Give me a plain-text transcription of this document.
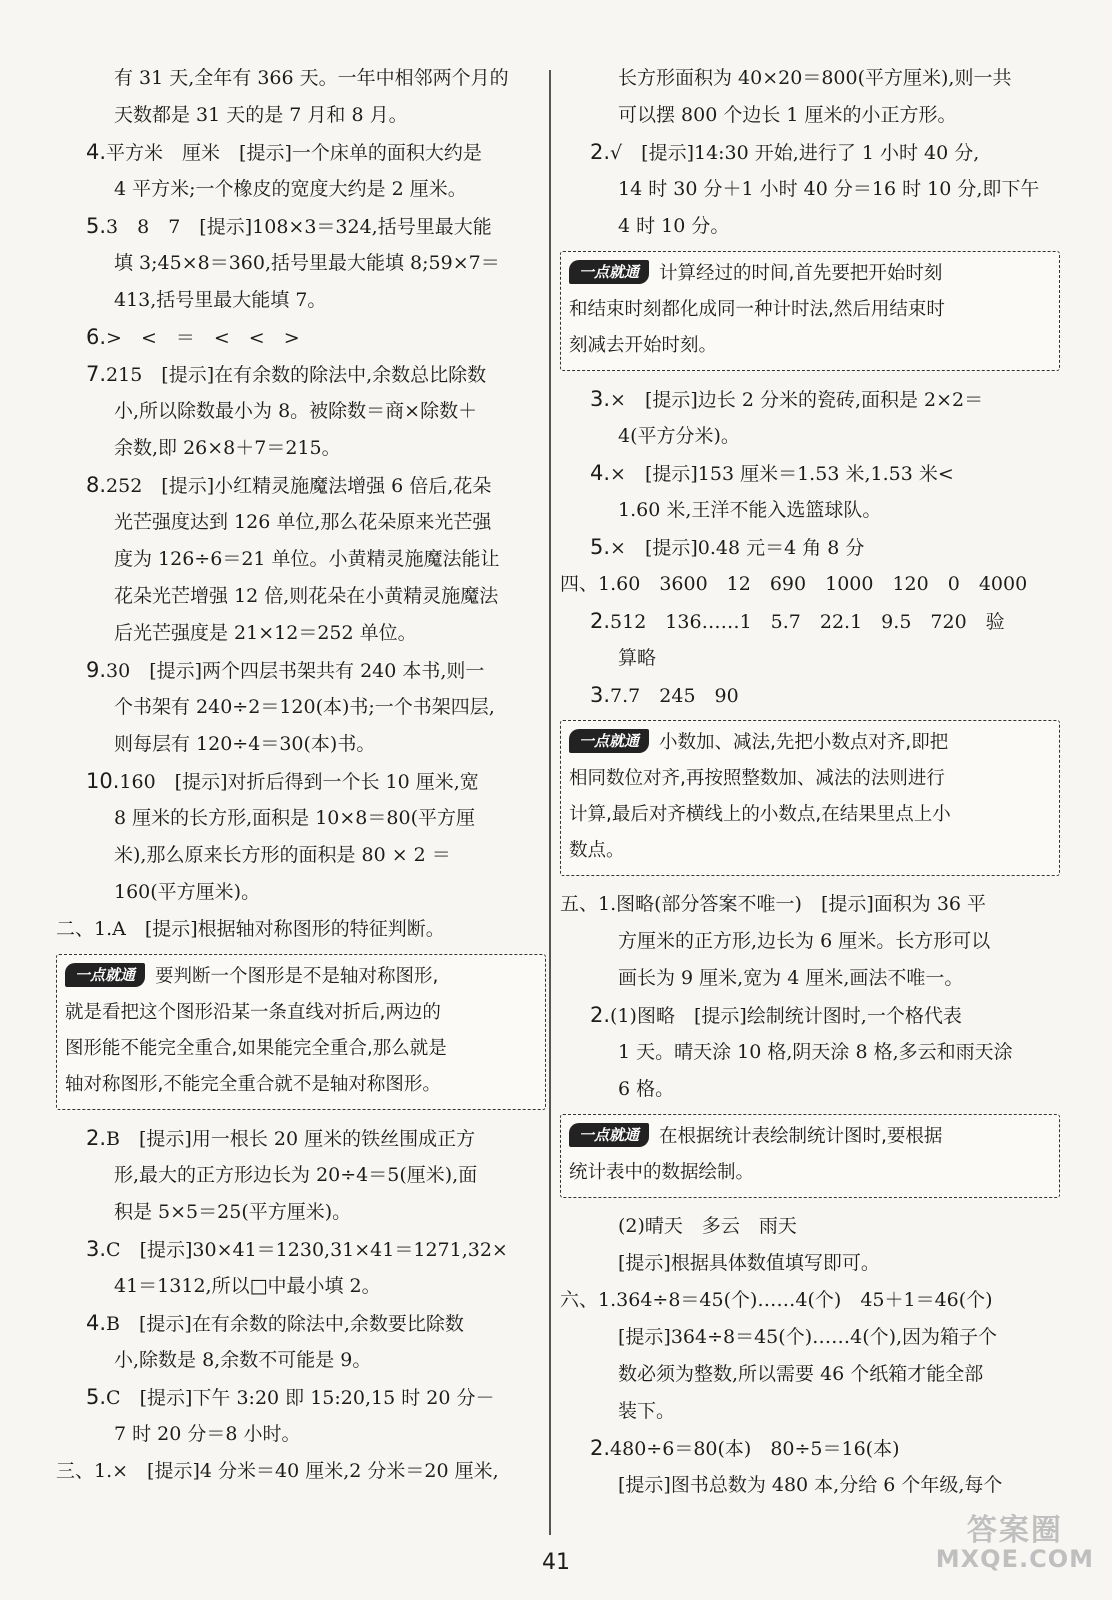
有 31 天,全年有 366 天。一年中相邻两个月的
天数都是 31 天的是 7 月和 8 月。
4.平方米　厘米　[提示]一个床单的面积大约是
4 平方米;一个橡皮的宽度大约是 2 厘米。
5.3　8　7　[提示]108×3＝324,括号里最大能
填 3;45×8＝360,括号里最大能填 8;59×7＝
413,括号里最大能填 7。
6.>　<　＝　<　<　>
7.215　[提示]在有余数的除法中,余数总比除数
小,所以除数最小为 8。被除数＝商×除数＋
余数,即 26×8＋7＝215。
8.252　[提示]小红精灵施魔法增强 6 倍后,花朵
光芒强度达到 126 单位,那么花朵原来光芒强
度为 126÷6＝21 单位。小黄精灵施魔法能让
花朵光芒增强 12 倍,则花朵在小黄精灵施魔法
后光芒强度是 21×12＝252 单位。
9.30　[提示]两个四层书架共有 240 本书,则一
个书架有 240÷2＝120(本)书;一个书架四层,
则每层有 120÷4＝30(本)书。
10.160　[提示]对折后得到一个长 10 厘米,宽
8 厘米的长方形,面积是 10×8＝80(平方厘
米),那么原来长方形的面积是 80 × 2 ＝
160(平方厘米)。
二、1.A　[提示]根据轴对称图形的特征判断。
一点就通 要判断一个图形是不是轴对称图形,
就是看把这个图形沿某一条直线对折后,两边的
图形能不能完全重合,如果能完全重合,那么就是
轴对称图形,不能完全重合就不是轴对称图形。
2.B　[提示]用一根长 20 厘米的铁丝围成正方
形,最大的正方形边长为 20÷4＝5(厘米),面
积是 5×5＝25(平方厘米)。
3.C　[提示]30×41＝1230,31×41＝1271,32×
41＝1312,所以□中最小填 2。
4.B　[提示]在有余数的除法中,余数要比除数
小,除数是 8,余数不可能是 9。
5.C　[提示]下午 3:20 即 15:20,15 时 20 分－
7 时 20 分＝8 小时。
三、1.×　[提示]4 分米＝40 厘米,2 分米＝20 厘米,
长方形面积为 40×20＝800(平方厘米),则一共
可以摆 800 个边长 1 厘米的小正方形。
2.√　[提示]14:30 开始,进行了 1 小时 40 分,
14 时 30 分＋1 小时 40 分＝16 时 10 分,即下午
4 时 10 分。
一点就通 计算经过的时间,首先要把开始时刻
和结束时刻都化成同一种计时法,然后用结束时
刻减去开始时刻。
3.×　[提示]边长 2 分米的瓷砖,面积是 2×2＝
4(平方分米)。
4.×　[提示]153 厘米＝1.53 米,1.53 米<
1.60 米,王洋不能入选篮球队。
5.×　[提示]0.48 元＝4 角 8 分
四、1.60　3600　12　690　1000　120　0　4000
2.512　136……1　5.7　22.1　9.5　720　验
算略
3.7.7　245　90
一点就通 小数加、减法,先把小数点对齐,即把
相同数位对齐,再按照整数加、减法的法则进行
计算,最后对齐横线上的小数点,在结果里点上小
数点。
五、1.图略(部分答案不唯一)　[提示]面积为 36 平
方厘米的正方形,边长为 6 厘米。长方形可以
画长为 9 厘米,宽为 4 厘米,画法不唯一。
2.(1)图略　[提示]绘制统计图时,一个格代表
1 天。晴天涂 10 格,阴天涂 8 格,多云和雨天涂
6 格。
一点就通 在根据统计表绘制统计图时,要根据
统计表中的数据绘制。
(2)晴天　多云　雨天
[提示]根据具体数值填写即可。
六、1.364÷8＝45(个)……4(个)　45＋1＝46(个)
[提示]364÷8＝45(个)……4(个),因为箱子个
数必须为整数,所以需要 46 个纸箱才能全部
装下。
2.480÷6＝80(本)　80÷5＝16(本)
[提示]图书总数为 480 本,分给 6 个年级,每个
41
答案圈
MXQE.COM
